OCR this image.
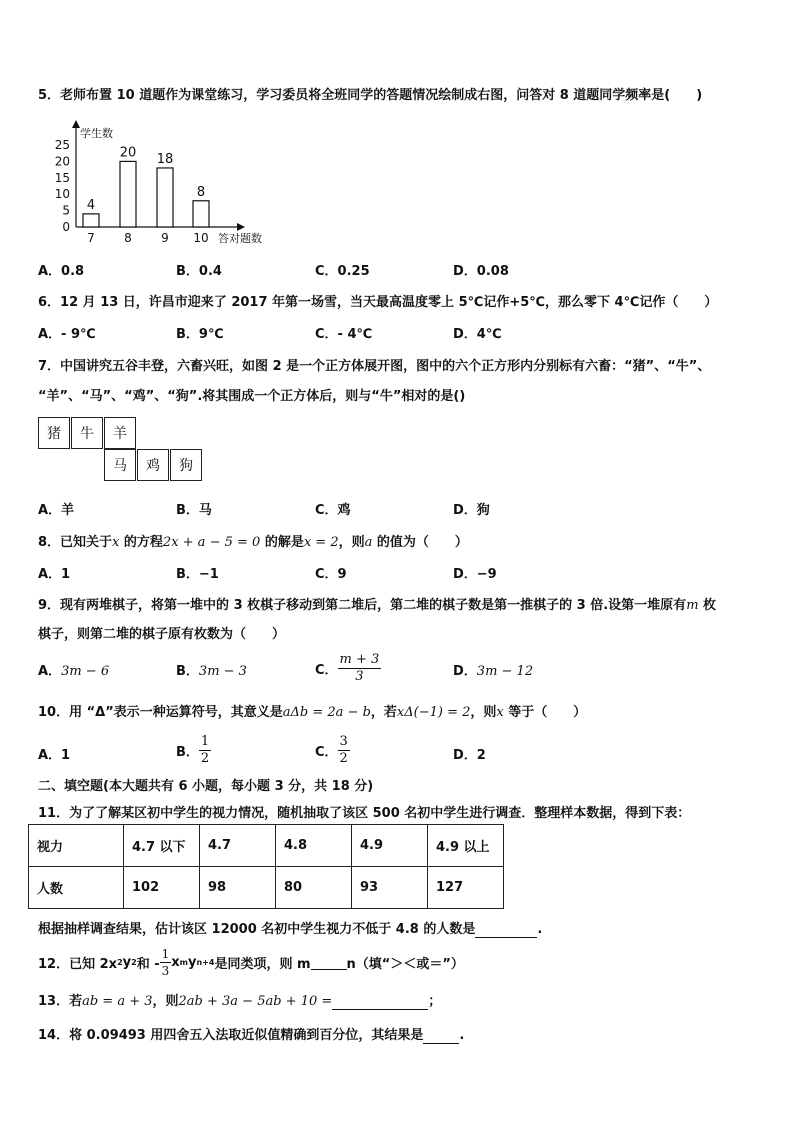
5．老师布置 10 道题作为课堂练习，学习委员将全班同学的答题情况绘制成右图，问答对 8 道题同学频率是(　　)
学生数
答对题数
0
5
10
15
20
25
4
7
20
8
18
9
8
10
A．0.8	B．0.4	C．0.25	D．0.08
6．12 月 13 日，许昌市迎来了 2017 年第一场雪，当天最高温度零上 5℃记作+5℃，那么零下 4℃记作（　　）
A．- 9℃	B．9℃	C．- 4℃	D．4℃
7．中国讲究五谷丰登，六畜兴旺，如图 2 是一个正方体展开图，图中的六个正方形内分别标有六畜：“猪”、“牛”、
“羊”、“马”、“鸡”、“狗”.将其围成一个正方体后，则与“牛”相对的是()
猪	牛	羊
马	鸡	狗
A．羊	B．马	C．鸡	D．狗
8．已知关于x 的方程2x + a − 5 = 0 的解是x = 2，则a 的值为（　　）
A．1	B．−1	C．9	D．−9
9．现有两堆棋子，将第一堆中的 3 枚棋子移动到第二堆后，第二堆的棋子数是第一推棋子的 3 倍.设第一堆原有m 枚
棋子，则第二堆的棋子原有枚数为（　　）
A．3m − 6	B．3m − 3	C． $\frac{m + 3}{3}$	D．3m − 12
10．用 “Δ”表示一种运算符号，其意义是aΔb = 2a − b，若xΔ(−1) = 2，则x 等于（　　）
A．1	B． $\frac{1}{2}$	C． $\frac{3}{2}$	D．2
二、填空题(本大题共有 6 小题，每小题 3 分，共 18 分)
11．为了了解某区初中学生的视力情况，随机抽取了该区 500 名初中学生进行调查．整理样本数据，得到下表：
视力	4.7 以下	4.7	4.8	4.9	4.9 以上
人数	102	98	80	93	127
根据抽样调查结果，估计该区 12000 名初中学生视力不低于 4.8 的人数是	.
12．已知 2x 2 y 2 和 - $\frac{1}{3}$ x m y n+4 是同类项，则 m
	n（填“＞＜或＝”）
13．若ab = a + 3，则2ab + 3a − 5ab + 10 =	；
14．将 0.09493 用四舍五入法取近似值精确到百分位，其结果是	.
